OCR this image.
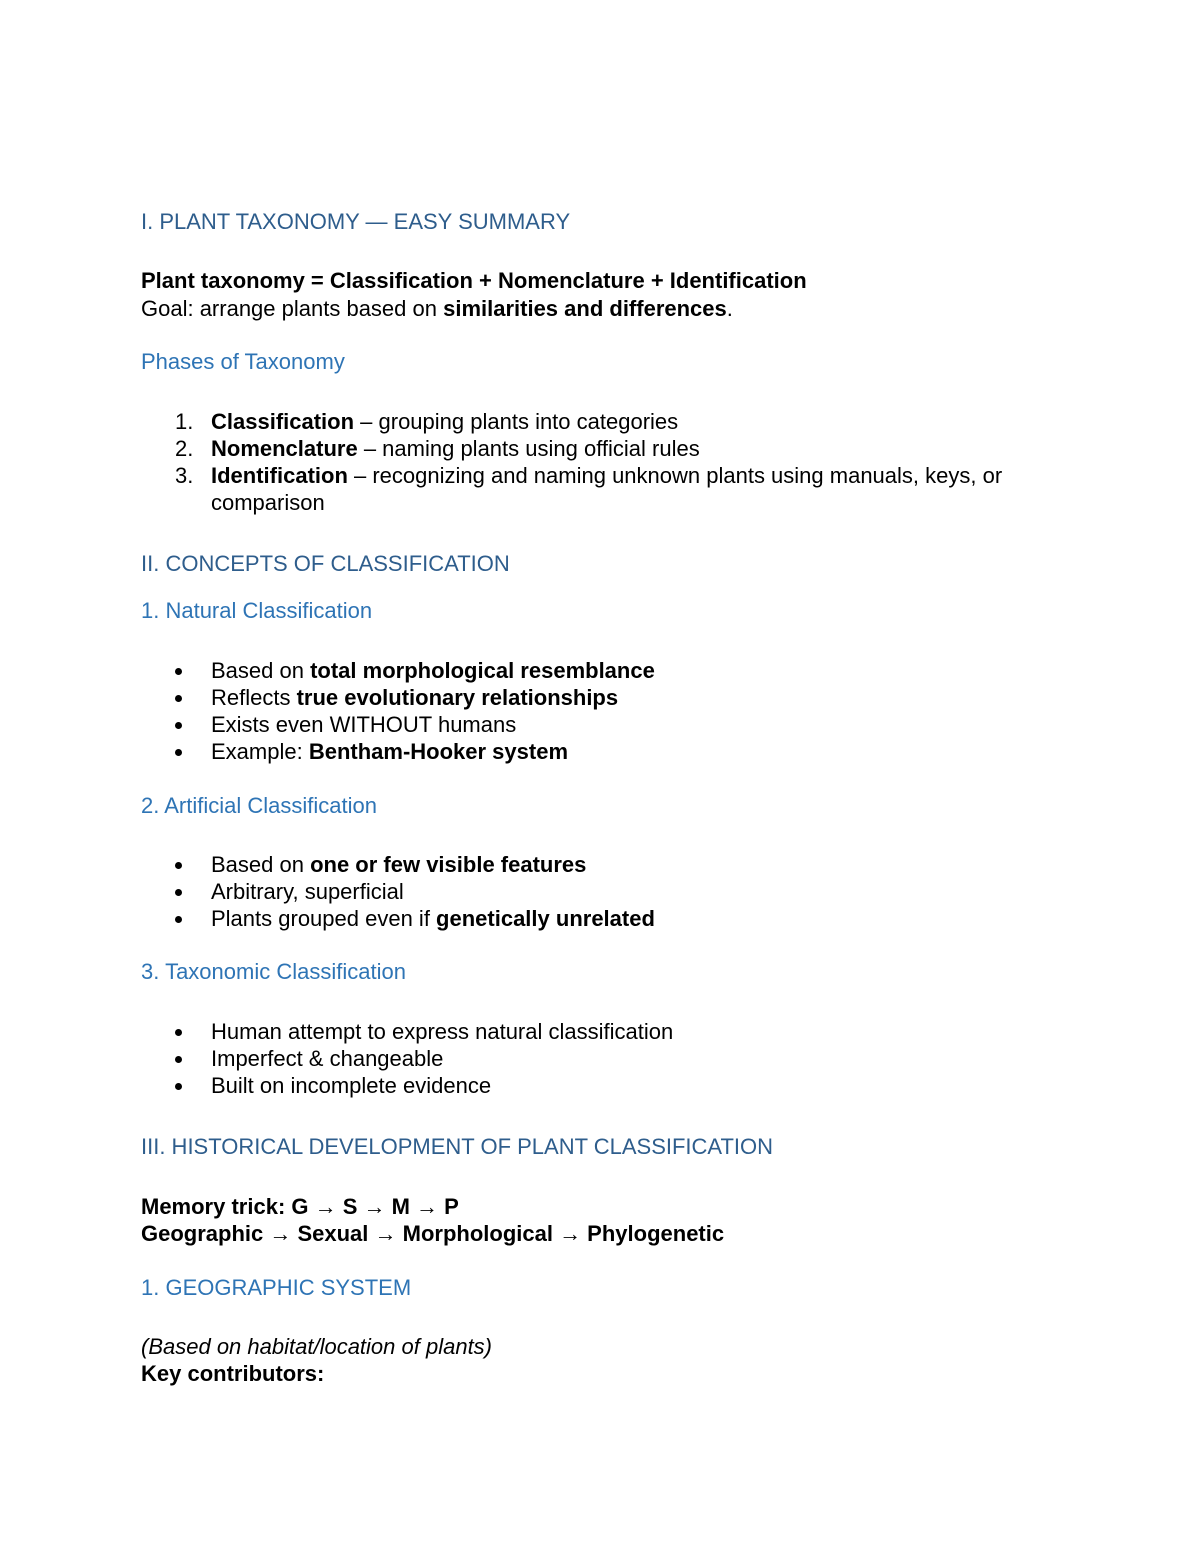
I. PLANT TAXONOMY — EASY SUMMARY
Plant taxonomy = Classification + Nomenclature + Identification
Goal: arrange plants based on similarities and differences.
Phases of Taxonomy
1. Classification – grouping plants into categories
2. Nomenclature – naming plants using official rules
3. Identification – recognizing and naming unknown plants using manuals, keys, or comparison
II. CONCEPTS OF CLASSIFICATION
1. Natural Classification
Based on total morphological resemblance
Reflects true evolutionary relationships
Exists even WITHOUT humans
Example: Bentham-Hooker system
2. Artificial Classification
Based on one or few visible features
Arbitrary, superficial
Plants grouped even if genetically unrelated
3. Taxonomic Classification
Human attempt to express natural classification
Imperfect & changeable
Built on incomplete evidence
III. HISTORICAL DEVELOPMENT OF PLANT CLASSIFICATION
Memory trick: G → S → M → P
Geographic → Sexual → Morphological → Phylogenetic
1. GEOGRAPHIC SYSTEM
(Based on habitat/location of plants)
Key contributors:
